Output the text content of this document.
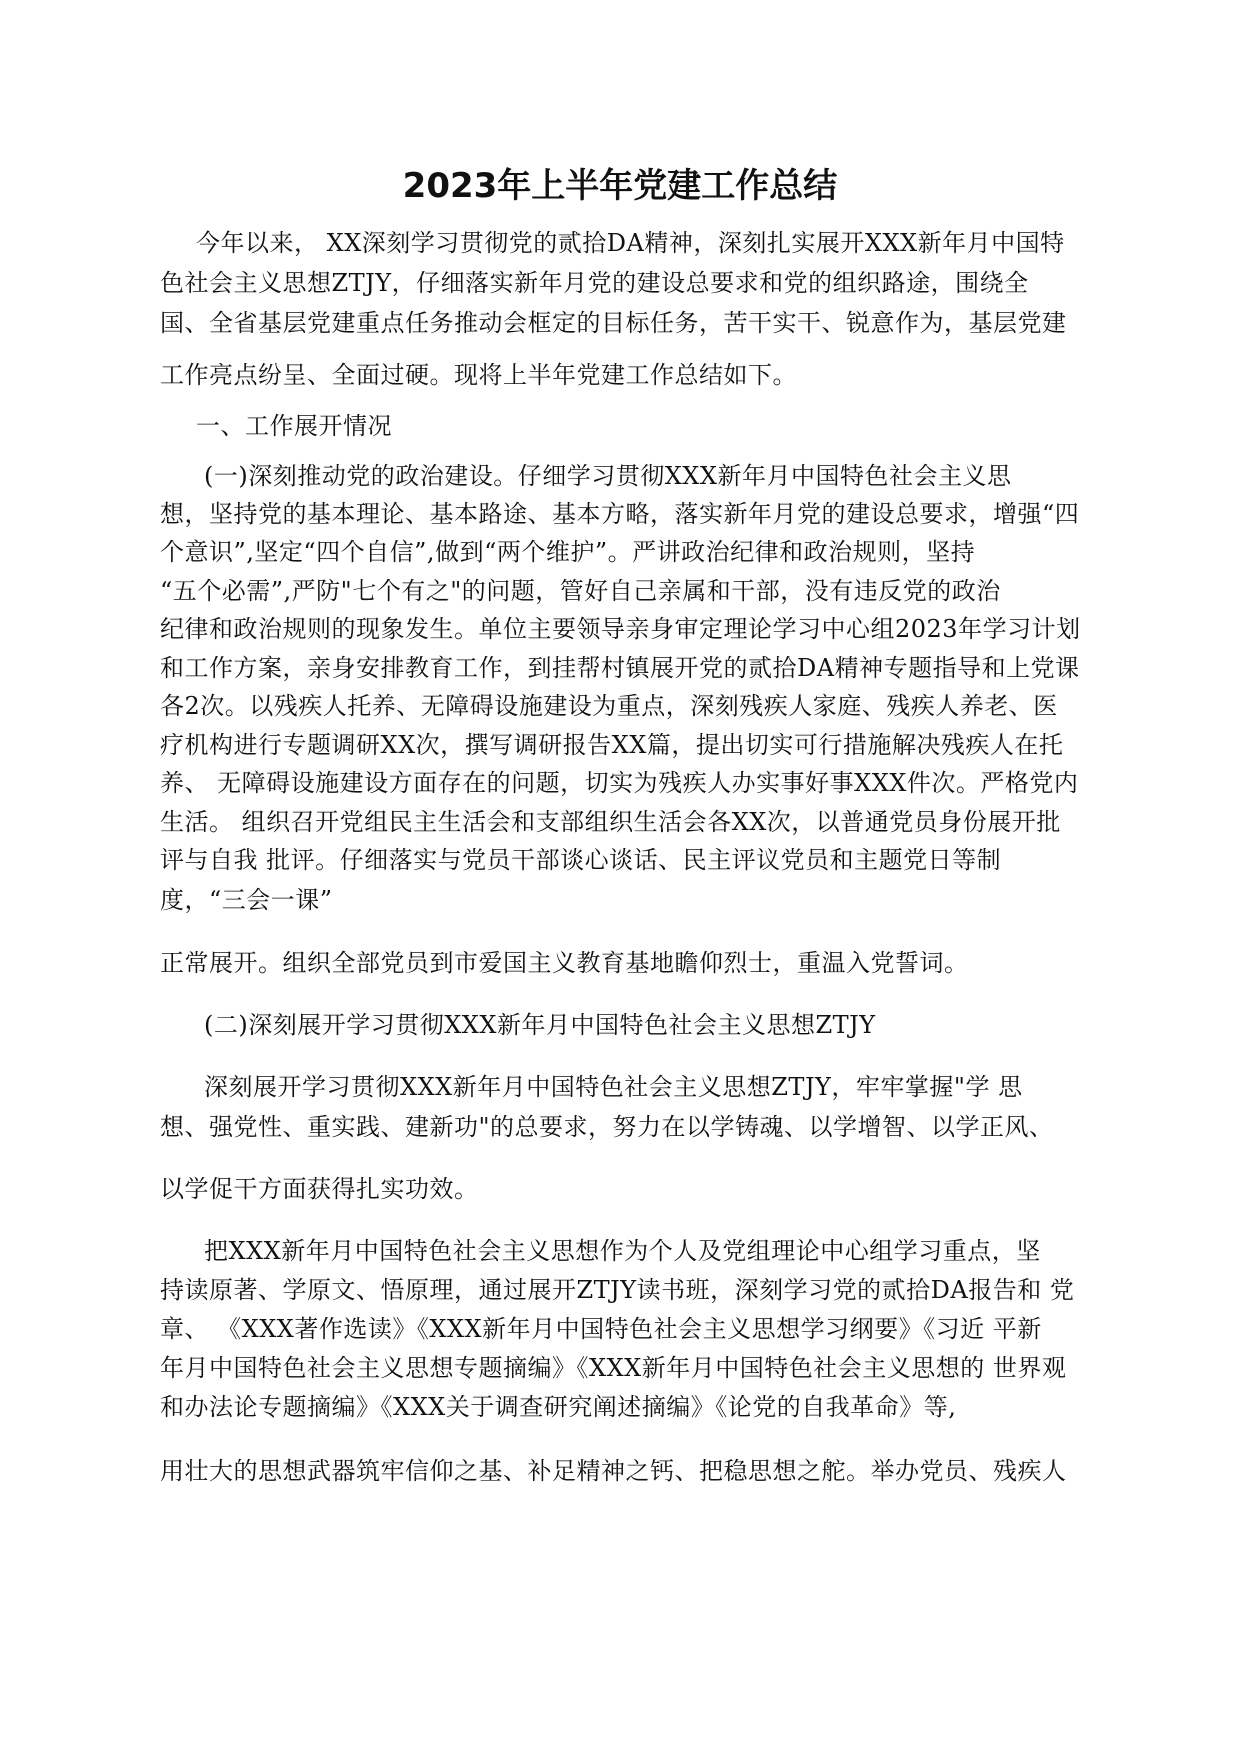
2023年上半年党建工作总结

今年以来， XX深刻学习贯彻党的贰拾DA精神，深刻扎实展开XXX新年月中国特

色社会主义思想ZTJY，仔细落实新年月党的建设总要求和党的组织路途，围绕全

国、全省基层党建重点任务推动会框定的目标任务，苦干实干、锐意作为，基层党建

工作亮点纷呈、全面过硬。现将上半年党建工作总结如下。

一、工作展开情况

(一)深刻推动党的政治建设。仔细学习贯彻XXX新年月中国特色社会主义思

想，坚持党的基本理论、基本路途、基本方略，落实新年月党的建设总要求，增强“四

个意识”,坚定“四个自信”,做到“两个维护”。严讲政治纪律和政治规则，坚持

“五个必需”,严防"七个有之"的问题，管好自己亲属和干部，没有违反党的政治

纪律和政治规则的现象发生。单位主要领导亲身审定理论学习中心组2023年学习计划

和工作方案，亲身安排教育工作，到挂帮村镇展开党的贰拾DA精神专题指导和上党课

各2次。以残疾人托养、无障碍设施建设为重点，深刻残疾人家庭、残疾人养老、医

疗机构进行专题调研XX次，撰写调研报告XX篇，提出切实可行措施解决残疾人在托

养、 无障碍设施建设方面存在的问题，切实为残疾人办实事好事XXX件次。严格党内

生活。 组织召开党组民主生活会和支部组织生活会各XX次，以普通党员身份展开批

评与自我 批评。仔细落实与党员干部谈心谈话、民主评议党员和主题党日等制

度，“三会一课”

正常展开。组织全部党员到市爱国主义教育基地瞻仰烈士，重温入党誓词。

(二)深刻展开学习贯彻XXX新年月中国特色社会主义思想ZTJY

深刻展开学习贯彻XXX新年月中国特色社会主义思想ZTJY，牢牢掌握"学 思

想、强党性、重实践、建新功"的总要求，努力在以学铸魂、以学增智、以学正风、

以学促干方面获得扎实功效。

把XXX新年月中国特色社会主义思想作为个人及党组理论中心组学习重点，坚

持读原著、学原文、悟原理，通过展开ZTJY读书班，深刻学习党的贰拾DA报告和 党

章、 《XXX著作选读》《XXX新年月中国特色社会主义思想学习纲要》《习近 平新

年月中国特色社会主义思想专题摘编》《XXX新年月中国特色社会主义思想的 世界观

和办法论专题摘编》《XXX关于调查研究阐述摘编》《论党的自我革命》等,

用壮大的思想武器筑牢信仰之基、补足精神之钙、把稳思想之舵。举办党员、残疾人
